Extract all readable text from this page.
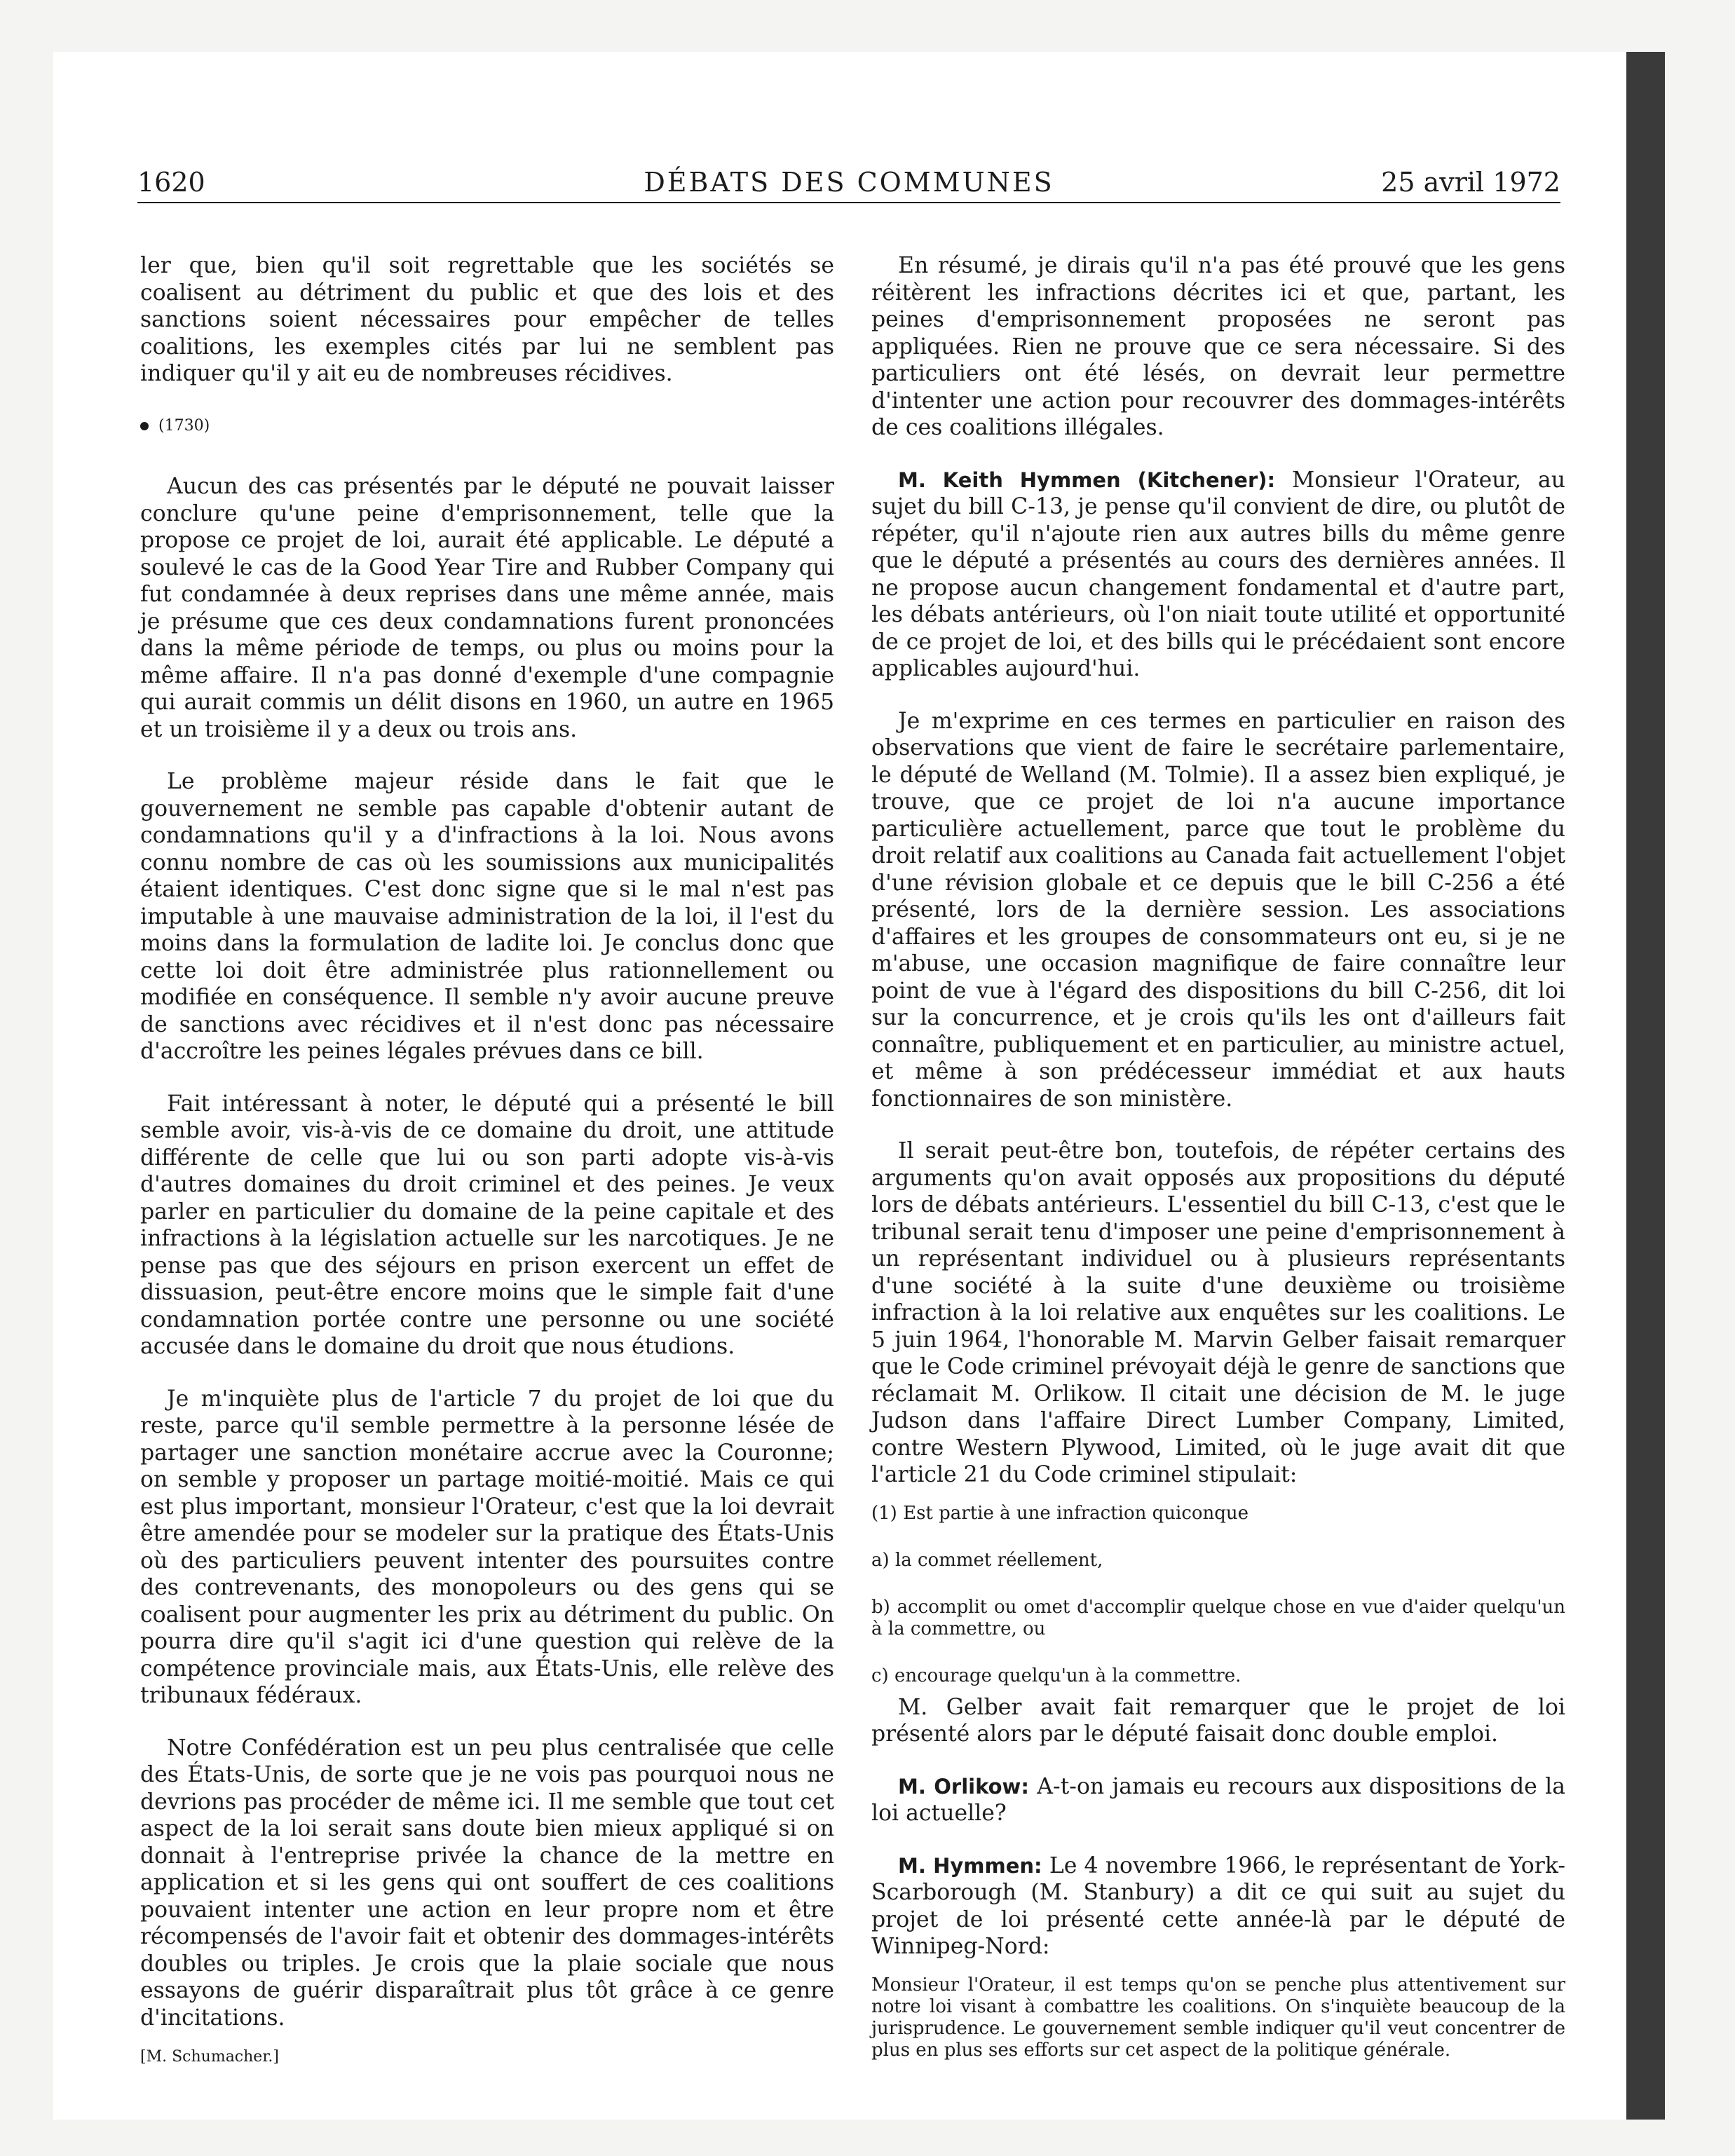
1620	DÉBATS DES COMMUNES	25 avril 1972

ler que, bien qu'il soit regrettable que les sociétés se coalisent au détriment du public et que des lois et des sanctions soient nécessaires pour empêcher de telles coalitions, les exemples cités par lui ne semblent pas indiquer qu'il y ait eu de nombreuses récidives.

(1730)

Aucun des cas présentés par le député ne pouvait laisser conclure qu'une peine d'emprisonnement, telle que la propose ce projet de loi, aurait été applicable. Le député a soulevé le cas de la Good Year Tire and Rubber Company qui fut condamnée à deux reprises dans une même année, mais je présume que ces deux condamnations furent prononcées dans la même période de temps, ou plus ou moins pour la même affaire. Il n'a pas donné d'exemple d'une compagnie qui aurait commis un délit disons en 1960, un autre en 1965 et un troisième il y a deux ou trois ans.

Le problème majeur réside dans le fait que le gouvernement ne semble pas capable d'obtenir autant de condamnations qu'il y a d'infractions à la loi. Nous avons connu nombre de cas où les soumissions aux municipalités étaient identiques. C'est donc signe que si le mal n'est pas imputable à une mauvaise administration de la loi, il l'est du moins dans la formulation de ladite loi. Je conclus donc que cette loi doit être administrée plus rationnellement ou modifiée en conséquence. Il semble n'y avoir aucune preuve de sanctions avec récidives et il n'est donc pas nécessaire d'accroître les peines légales prévues dans ce bill.

Fait intéressant à noter, le député qui a présenté le bill semble avoir, vis-à-vis de ce domaine du droit, une attitude différente de celle que lui ou son parti adopte vis-à-vis d'autres domaines du droit criminel et des peines. Je veux parler en particulier du domaine de la peine capitale et des infractions à la législation actuelle sur les narcotiques. Je ne pense pas que des séjours en prison exercent un effet de dissuasion, peut-être encore moins que le simple fait d'une condamnation portée contre une personne ou une société accusée dans le domaine du droit que nous étudions.

Je m'inquiète plus de l'article 7 du projet de loi que du reste, parce qu'il semble permettre à la personne lésée de partager une sanction monétaire accrue avec la Couronne; on semble y proposer un partage moitié-moitié. Mais ce qui est plus important, monsieur l'Orateur, c'est que la loi devrait être amendée pour se modeler sur la pratique des États-Unis où des particuliers peuvent intenter des poursuites contre des contrevenants, des monopoleurs ou des gens qui se coalisent pour augmenter les prix au détriment du public. On pourra dire qu'il s'agit ici d'une question qui relève de la compétence provinciale mais, aux États-Unis, elle relève des tribunaux fédéraux.

Notre Confédération est un peu plus centralisée que celle des États-Unis, de sorte que je ne vois pas pourquoi nous ne devrions pas procéder de même ici. Il me semble que tout cet aspect de la loi serait sans doute bien mieux appliqué si on donnait à l'entreprise privée la chance de la mettre en application et si les gens qui ont souffert de ces coalitions pouvaient intenter une action en leur propre nom et être récompensés de l'avoir fait et obtenir des dommages-intérêts doubles ou triples. Je crois que la plaie sociale que nous essayons de guérir disparaîtrait plus tôt grâce à ce genre d'incitations.

[M. Schumacher.]

En résumé, je dirais qu'il n'a pas été prouvé que les gens réitèrent les infractions décrites ici et que, partant, les peines d'emprisonnement proposées ne seront pas appliquées. Rien ne prouve que ce sera nécessaire. Si des particuliers ont été lésés, on devrait leur permettre d'intenter une action pour recouvrer des dommages-intérêts de ces coalitions illégales.

M. Keith Hymmen (Kitchener): Monsieur l'Orateur, au sujet du bill C-13, je pense qu'il convient de dire, ou plutôt de répéter, qu'il n'ajoute rien aux autres bills du même genre que le député a présentés au cours des dernières années. Il ne propose aucun changement fondamental et d'autre part, les débats antérieurs, où l'on niait toute utilité et opportunité de ce projet de loi, et des bills qui le précédaient sont encore applicables aujourd'hui.

Je m'exprime en ces termes en particulier en raison des observations que vient de faire le secrétaire parlementaire, le député de Welland (M. Tolmie). Il a assez bien expliqué, je trouve, que ce projet de loi n'a aucune importance particulière actuellement, parce que tout le problème du droit relatif aux coalitions au Canada fait actuellement l'objet d'une révision globale et ce depuis que le bill C-256 a été présenté, lors de la dernière session. Les associations d'affaires et les groupes de consommateurs ont eu, si je ne m'abuse, une occasion magnifique de faire connaître leur point de vue à l'égard des dispositions du bill C-256, dit loi sur la concurrence, et je crois qu'ils les ont d'ailleurs fait connaître, publiquement et en particulier, au ministre actuel, et même à son prédécesseur immédiat et aux hauts fonctionnaires de son ministère.

Il serait peut-être bon, toutefois, de répéter certains des arguments qu'on avait opposés aux propositions du député lors de débats antérieurs. L'essentiel du bill C-13, c'est que le tribunal serait tenu d'imposer une peine d'emprisonnement à un représentant individuel ou à plusieurs représentants d'une société à la suite d'une deuxième ou troisième infraction à la loi relative aux enquêtes sur les coalitions. Le 5 juin 1964, l'honorable M. Marvin Gelber faisait remarquer que le Code criminel prévoyait déjà le genre de sanctions que réclamait M. Orlikow. Il citait une décision de M. le juge Judson dans l'affaire Direct Lumber Company, Limited, contre Western Plywood, Limited, où le juge avait dit que l'article 21 du Code criminel stipulait:

(1) Est partie à une infraction quiconque

a) la commet réellement,

b) accomplit ou omet d'accomplir quelque chose en vue d'aider quelqu'un à la commettre, ou

c) encourage quelqu'un à la commettre.

M. Gelber avait fait remarquer que le projet de loi présenté alors par le député faisait donc double emploi.

M. Orlikow: A-t-on jamais eu recours aux dispositions de la loi actuelle?

M. Hymmen: Le 4 novembre 1966, le représentant de York-Scarborough (M. Stanbury) a dit ce qui suit au sujet du projet de loi présenté cette année-là par le député de Winnipeg-Nord:

Monsieur l'Orateur, il est temps qu'on se penche plus attentivement sur notre loi visant à combattre les coalitions. On s'inquiète beaucoup de la jurisprudence. Le gouvernement semble indiquer qu'il veut concentrer de plus en plus ses efforts sur cet aspect de la politique générale.
